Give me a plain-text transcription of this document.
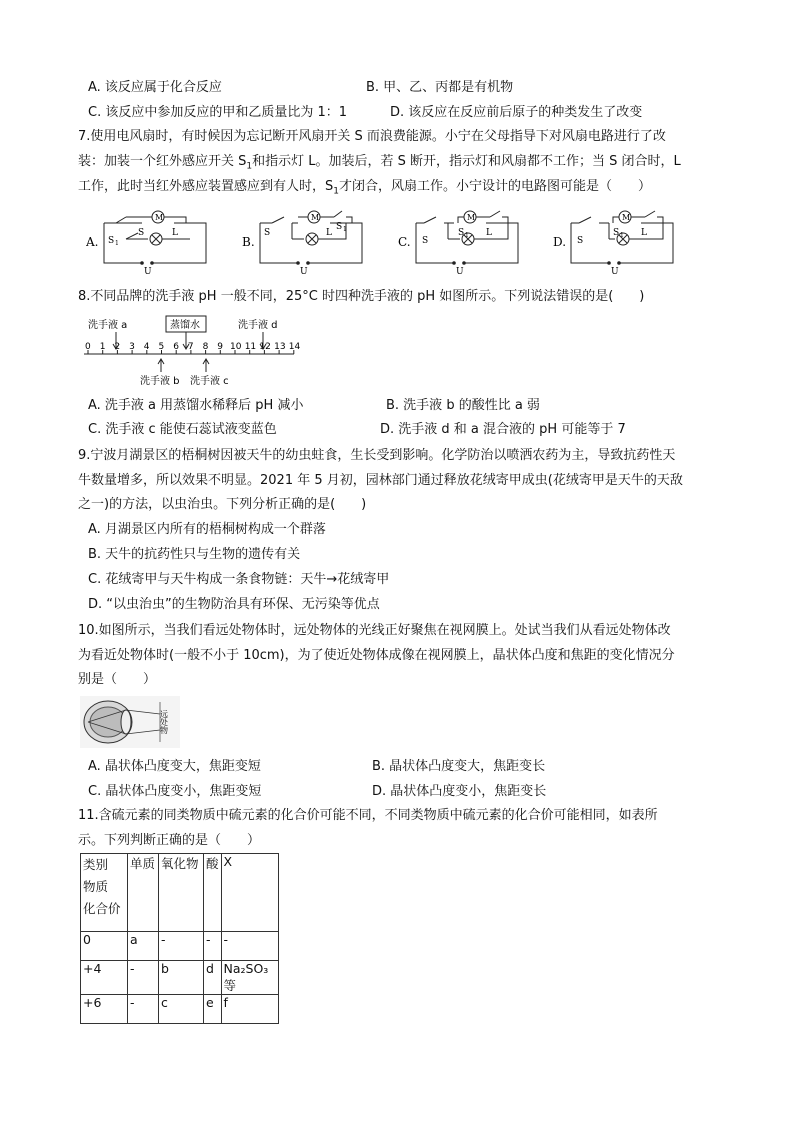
A. 该反应属于化合反应	B. 甲、乙、丙都是有机物
C. 该反应中参加反应的甲和乙质量比为 1：1	D. 该反应在反应前后原子的种类发生了改变
7.使用电风扇时，有时候因为忘记断开风扇开关 S 而浪费能源。小宁在父母指导下对风扇电路进行了改
装：加装一个红外感应开关 $S_1$和指示灯 L。加装后，若 S 断开，指示灯和风扇都不工作；当 S 闭合时，L
工作，此时当红外感应装置感应到有人时，$S_1$才闭合，风扇工作。小宁设计的电路图可能是（　　）
A.
M
S 1
S	L
U
B.
M
S
S 1
L
U
C.
M
S
S 1 L
U
D.
M
S
S 1 L
U
8.不同品牌的洗手液 pH 一般不同，25°C 时四种洗手液的 pH 如图所示。下列说法错误的是(　　)
0 1 2 3 4 5 6 7 8 9 10 11 12 13 14
洗手液 a	蒸馏水	洗手液 d
洗手液 b 洗手液 c
A. 洗手液 a 用蒸馏水稀释后 pH 减小	B. 洗手液 b 的酸性比 a 弱
C. 洗手液 c 能使石蕊试液变蓝色	D. 洗手液 d 和 a 混合液的 pH 可能等于 7
9.宁波月湖景区的梧桐树因被天牛的幼虫蛀食，生长受到影响。化学防治以喷洒农药为主，导致抗药性天
牛数量增多，所以效果不明显。2021 年 5 月初，园林部门通过释放花绒寄甲成虫(花绒寄甲是天牛的天敌
之一)的方法，以虫治虫。下列分析正确的是(　　)
A. 月湖景区内所有的梧桐树构成一个群落
B. 天牛的抗药性只与生物的遗传有关
C. 花绒寄甲与天牛构成一条食物链：天牛→花绒寄甲
D. “以虫治虫”的生物防治具有环保、无污染等优点
10.如图所示，当我们看远处物体时，远处物体的光线正好聚焦在视网膜上。处试当我们从看远处物体改
为看近处物体时(一般不小于 10cm)，为了使近处物体成像在视网膜上，晶状体凸度和焦距的变化情况分
别是（　　）
远处物
A. 晶状体凸度变大，焦距变短	B. 晶状体凸度变大，焦距变长
C. 晶状体凸度变小，焦距变短	D. 晶状体凸度变小，焦距变长
11.含硫元素的同类物质中硫元素的化合价可能不同，不同类物质中硫元素的化合价可能相同，如表所
示。下列判断正确的是（　　）
类别
物质
化合价	单质	氧化物	酸	X
0	a	-	-	-
+4	-	b	d	Na₂SO₃ 等
+6	-	c	e	f
